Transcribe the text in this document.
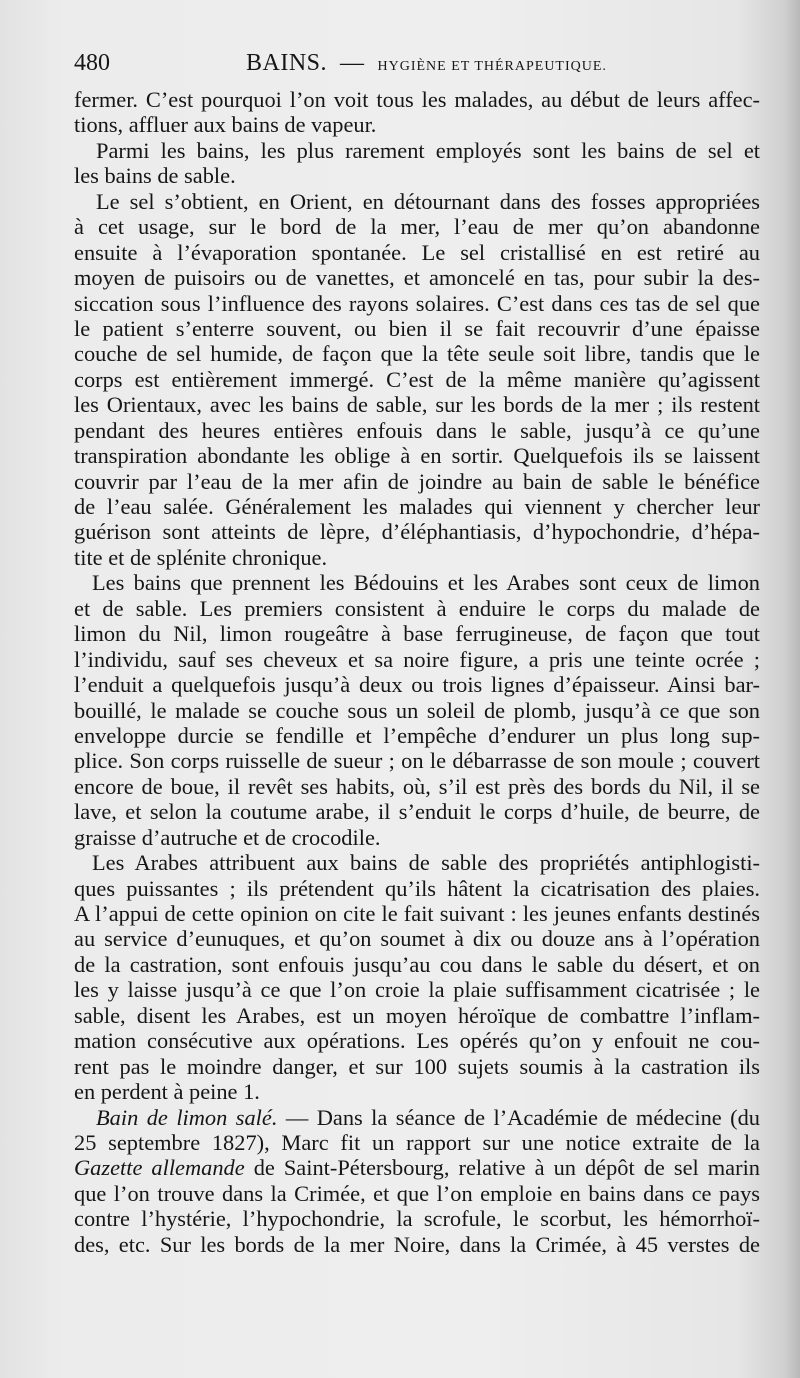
480	BAINS. — HYGIÈNE ET THÉRAPEUTIQUE.
fermer. C’est pourquoi l’on voit tous les malades, au début de leurs affec-
tions, affluer aux bains de vapeur.
Parmi les bains, les plus rarement employés sont les bains de sel et
les bains de sable.
Le sel s’obtient, en Orient, en détournant dans des fosses appropriées
à cet usage, sur le bord de la mer, l’eau de mer qu’on abandonne
ensuite à l’évaporation spontanée. Le sel cristallisé en est retiré au
moyen de puisoirs ou de vanettes, et amoncelé en tas, pour subir la des-
siccation sous l’influence des rayons solaires. C’est dans ces tas de sel que
le patient s’enterre souvent, ou bien il se fait recouvrir d’une épaisse
couche de sel humide, de façon que la tête seule soit libre, tandis que le
corps est entièrement immergé. C’est de la même manière qu’agissent
les Orientaux, avec les bains de sable, sur les bords de la mer ; ils restent
pendant des heures entières enfouis dans le sable, jusqu’à ce qu’une
transpiration abondante les oblige à en sortir. Quelquefois ils se laissent
couvrir par l’eau de la mer afin de joindre au bain de sable le bénéfice
de l’eau salée. Généralement les malades qui viennent y chercher leur
guérison sont atteints de lèpre, d’éléphantiasis, d’hypochondrie, d’hépa-
tite et de splénite chronique.
Les bains que prennent les Bédouins et les Arabes sont ceux de limon
et de sable. Les premiers consistent à enduire le corps du malade de
limon du Nil, limon rougeâtre à base ferrugineuse, de façon que tout
l’individu, sauf ses cheveux et sa noire figure, a pris une teinte ocrée ;
l’enduit a quelquefois jusqu’à deux ou trois lignes d’épaisseur. Ainsi bar-
bouillé, le malade se couche sous un soleil de plomb, jusqu’à ce que son
enveloppe durcie se fendille et l’empêche d’endurer un plus long sup-
plice. Son corps ruisselle de sueur ; on le débarrasse de son moule ; couvert
encore de boue, il revêt ses habits, où, s’il est près des bords du Nil, il se
lave, et selon la coutume arabe, il s’enduit le corps d’huile, de beurre, de
graisse d’autruche et de crocodile.
Les Arabes attribuent aux bains de sable des propriétés antiphlogisti-
ques puissantes ; ils prétendent qu’ils hâtent la cicatrisation des plaies.
A l’appui de cette opinion on cite le fait suivant : les jeunes enfants destinés
au service d’eunuques, et qu’on soumet à dix ou douze ans à l’opération
de la castration, sont enfouis jusqu’au cou dans le sable du désert, et on
les y laisse jusqu’à ce que l’on croie la plaie suffisamment cicatrisée ; le
sable, disent les Arabes, est un moyen héroïque de combattre l’inflam-
mation consécutive aux opérations. Les opérés qu’on y enfouit ne cou-
rent pas le moindre danger, et sur 100 sujets soumis à la castration ils
en perdent à peine 1.
Bain de limon salé. — Dans la séance de l’Académie de médecine (du
25 septembre 1827), Marc fit un rapport sur une notice extraite de la
Gazette allemande de Saint-Pétersbourg, relative à un dépôt de sel marin
que l’on trouve dans la Crimée, et que l’on emploie en bains dans ce pays
contre l’hystérie, l’hypochondrie, la scrofule, le scorbut, les hémorrhoï-
des, etc. Sur les bords de la mer Noire, dans la Crimée, à 45 verstes de
